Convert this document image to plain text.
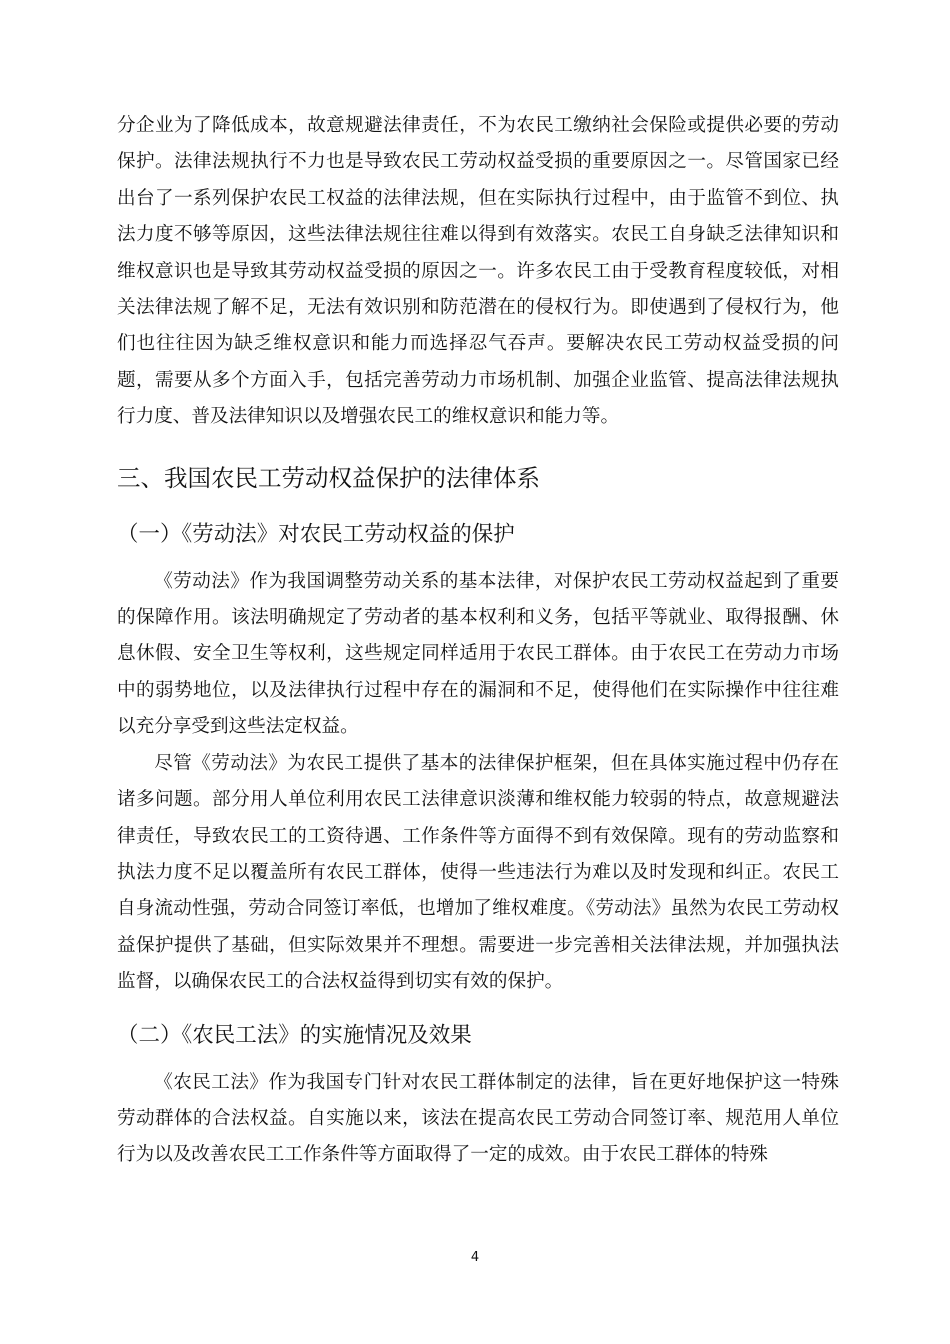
分企业为了降低成本，故意规避法律责任，不为农民工缴纳社会保险或提供必要的劳动保护。法律法规执行不力也是导致农民工劳动权益受损的重要原因之一。尽管国家已经出台了一系列保护农民工权益的法律法规，但在实际执行过程中，由于监管不到位、执法力度不够等原因，这些法律法规往往难以得到有效落实。农民工自身缺乏法律知识和维权意识也是导致其劳动权益受损的原因之一。许多农民工由于受教育程度较低，对相关法律法规了解不足，无法有效识别和防范潜在的侵权行为。即使遇到了侵权行为，他们也往往因为缺乏维权意识和能力而选择忍气吞声。要解决农民工劳动权益受损的问题，需要从多个方面入手，包括完善劳动力市场机制、加强企业监管、提高法律法规执行力度、普及法律知识以及增强农民工的维权意识和能力等。

三、我国农民工劳动权益保护的法律体系
（一）《劳动法》对农民工劳动权益的保护

《劳动法》作为我国调整劳动关系的基本法律，对保护农民工劳动权益起到了重要的保障作用。该法明确规定了劳动者的基本权利和义务，包括平等就业、取得报酬、休息休假、安全卫生等权利，这些规定同样适用于农民工群体。由于农民工在劳动力市场中的弱势地位，以及法律执行过程中存在的漏洞和不足，使得他们在实际操作中往往难以充分享受到这些法定权益。

尽管《劳动法》为农民工提供了基本的法律保护框架，但在具体实施过程中仍存在诸多问题。部分用人单位利用农民工法律意识淡薄和维权能力较弱的特点，故意规避法律责任，导致农民工的工资待遇、工作条件等方面得不到有效保障。现有的劳动监察和执法力度不足以覆盖所有农民工群体，使得一些违法行为难以及时发现和纠正。农民工自身流动性强，劳动合同签订率低，也增加了维权难度。《劳动法》虽然为农民工劳动权益保护提供了基础，但实际效果并不理想。需要进一步完善相关法律法规，并加强执法监督，以确保农民工的合法权益得到切实有效的保护。

（二）《农民工法》的实施情况及效果

《农民工法》作为我国专门针对农民工群体制定的法律，旨在更好地保护这一特殊劳动群体的合法权益。自实施以来，该法在提高农民工劳动合同签订率、规范用人单位行为以及改善农民工工作条件等方面取得了一定的成效。由于农民工群体的特殊

4
